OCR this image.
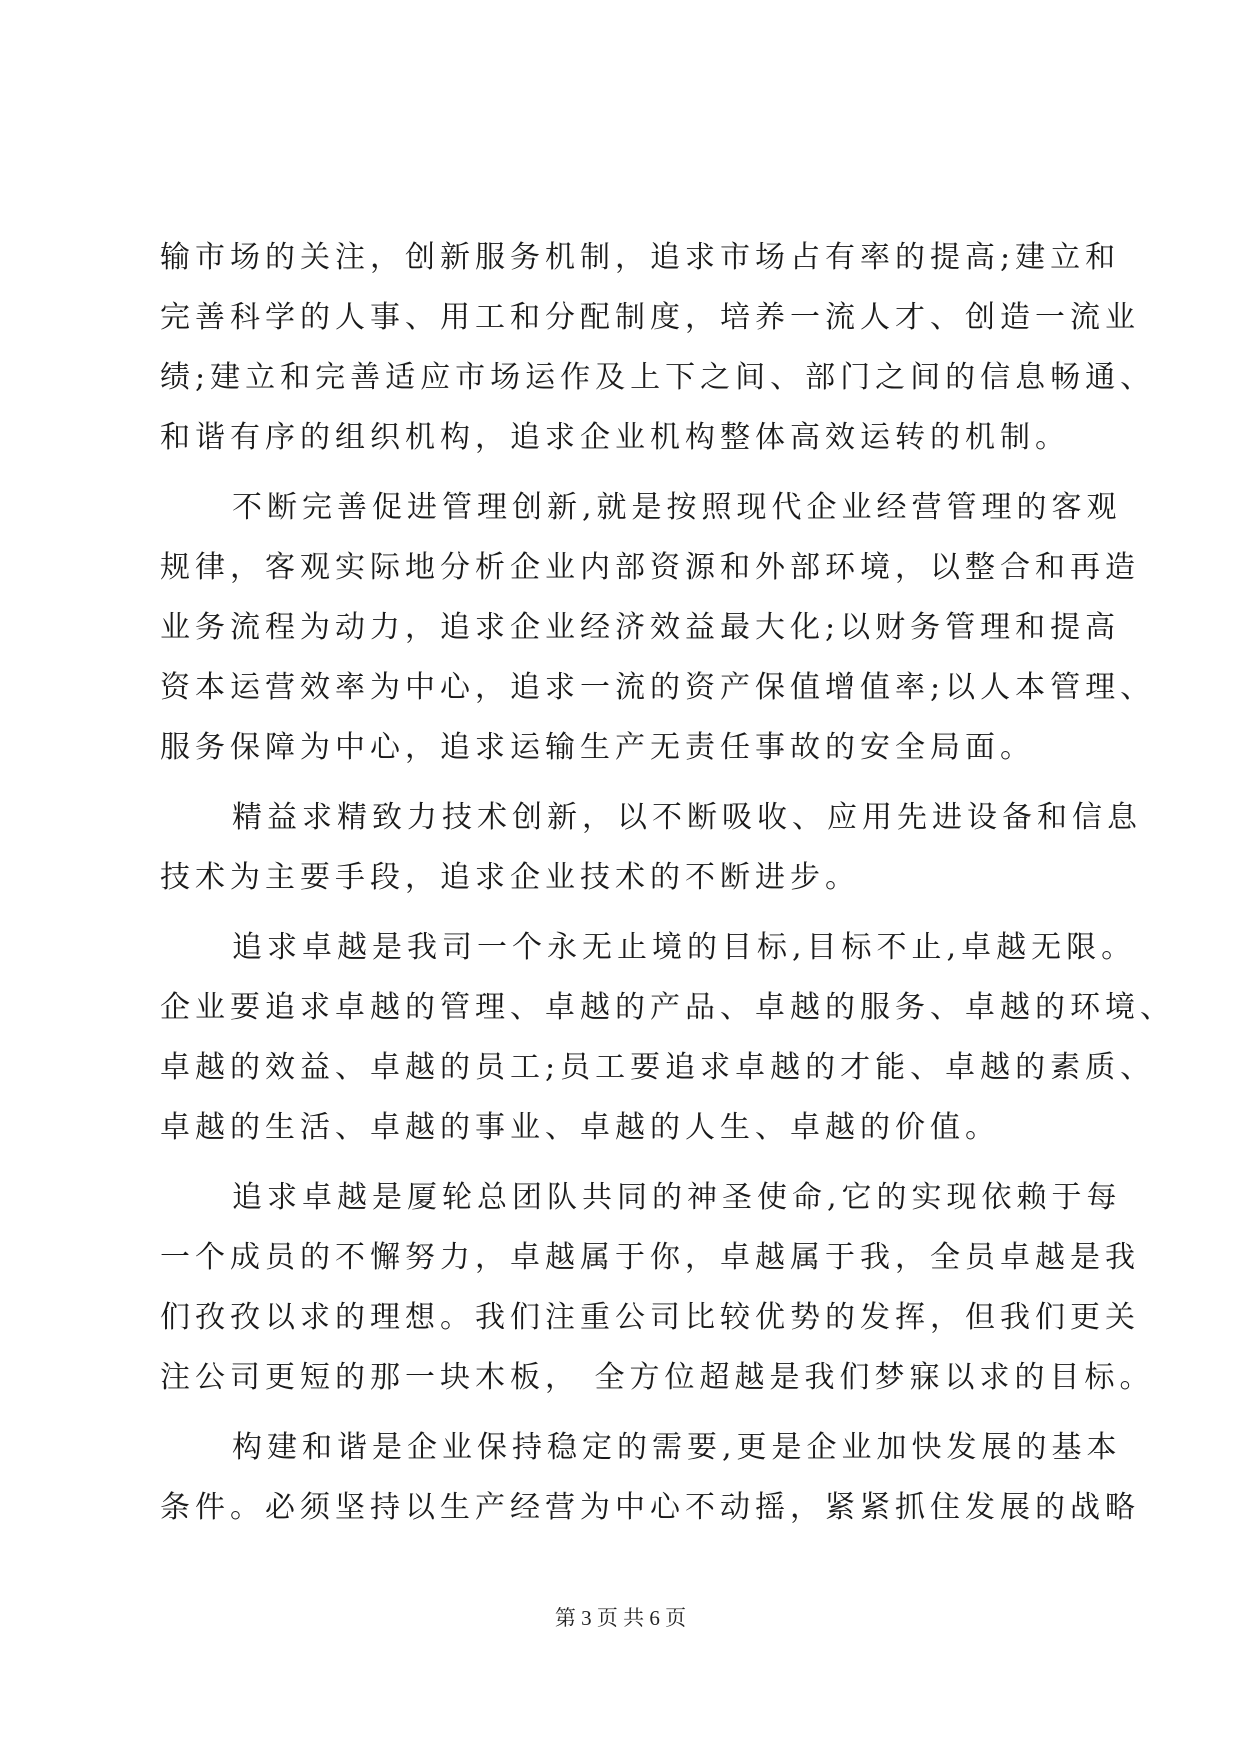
输市场的关注，创新服务机制，追求市场占有率的提高;建立和
完善科学的人事、用工和分配制度，培养一流人才、创造一流业
绩;建立和完善适应市场运作及上下之间、部门之间的信息畅通、
和谐有序的组织机构，追求企业机构整体高效运转的机制。
不断完善促进管理创新,就是按照现代企业经营管理的客观
规律，客观实际地分析企业内部资源和外部环境，以整合和再造
业务流程为动力，追求企业经济效益最大化;以财务管理和提高
资本运营效率为中心，追求一流的资产保值增值率;以人本管理、
服务保障为中心，追求运输生产无责任事故的安全局面。
精益求精致力技术创新，以不断吸收、应用先进设备和信息
技术为主要手段，追求企业技术的不断进步。
追求卓越是我司一个永无止境的目标,目标不止,卓越无限。
企业要追求卓越的管理、卓越的产品、卓越的服务、卓越的环境、
卓越的效益、卓越的员工;员工要追求卓越的才能、卓越的素质、
卓越的生活、卓越的事业、卓越的人生、卓越的价值。
追求卓越是厦轮总团队共同的神圣使命,它的实现依赖于每
一个成员的不懈努力，卓越属于你，卓越属于我，全员卓越是我
们孜孜以求的理想。我们注重公司比较优势的发挥，但我们更关
注公司更短的那一块木板， 全方位超越是我们梦寐以求的目标。
构建和谐是企业保持稳定的需要,更是企业加快发展的基本
条件。必须坚持以生产经营为中心不动摇，紧紧抓住发展的战略
第 3 页 共 6 页
